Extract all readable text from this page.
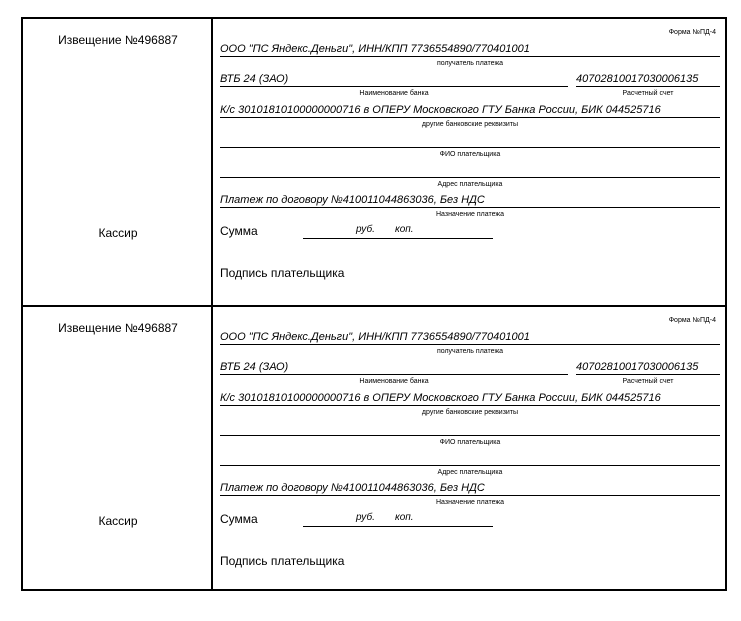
Извещение №496887
Кассир
Форма №ПД-4
ООО "ПС Яндекс.Деньги", ИНН/КПП 7736554890/770401001
получатель платежа
ВТБ 24 (ЗАО)	40702810017030006135
Наименование банка	Расчетный счет
К/с 30101810100000000716 в ОПЕРУ Московского ГТУ Банка России, БИК 044525716
другие банковские реквизиты
ФИО плательщика
Адрес плательщика
Платеж по договору №410011044863036, Без НДС
Назначение платежа
Сумма	руб. коп.
Подпись плательщика
Извещение №496887
Кассир
Форма №ПД-4
ООО "ПС Яндекс.Деньги", ИНН/КПП 7736554890/770401001
получатель платежа
ВТБ 24 (ЗАО)	40702810017030006135
Наименование банка	Расчетный счет
К/с 30101810100000000716 в ОПЕРУ Московского ГТУ Банка России, БИК 044525716
другие банковские реквизиты
ФИО плательщика
Адрес плательщика
Платеж по договору №410011044863036, Без НДС
Назначение платежа
Сумма	руб. коп.
Подпись плательщика
